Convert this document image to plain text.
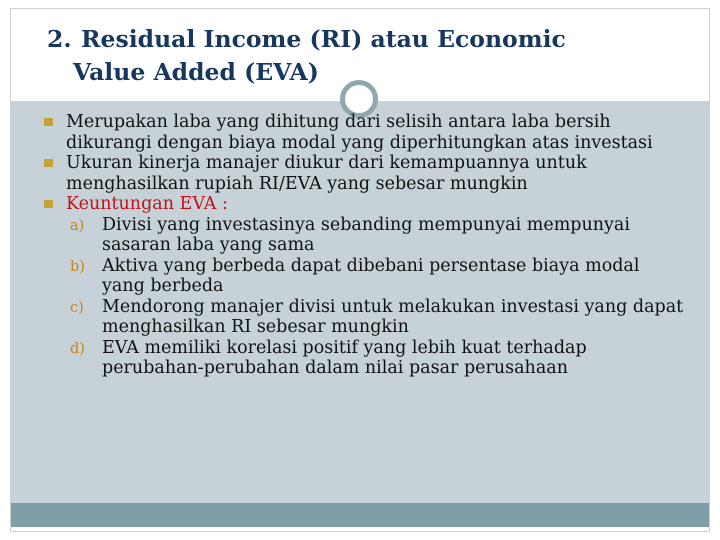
2. Residual Income (RI) atau Economic
Value Added (EVA)

Merupakan laba yang dihitung dari selisih antara laba bersih dikurangi dengan biaya modal yang diperhitungkan atas investasi

Ukuran kinerja manajer diukur dari kemampuannya untuk menghasilkan rupiah RI/EVA yang sebesar mungkin

Keuntungan EVA :

a) Divisi yang investasinya sebanding mempunyai mempunyai sasaran laba yang sama
b) Aktiva yang berbeda dapat dibebani persentase biaya modal yang berbeda
c) Mendorong manajer divisi untuk melakukan investasi yang dapat menghasilkan RI sebesar mungkin
d) EVA memiliki korelasi positif yang lebih kuat terhadap perubahan-perubahan dalam nilai pasar perusahaan
